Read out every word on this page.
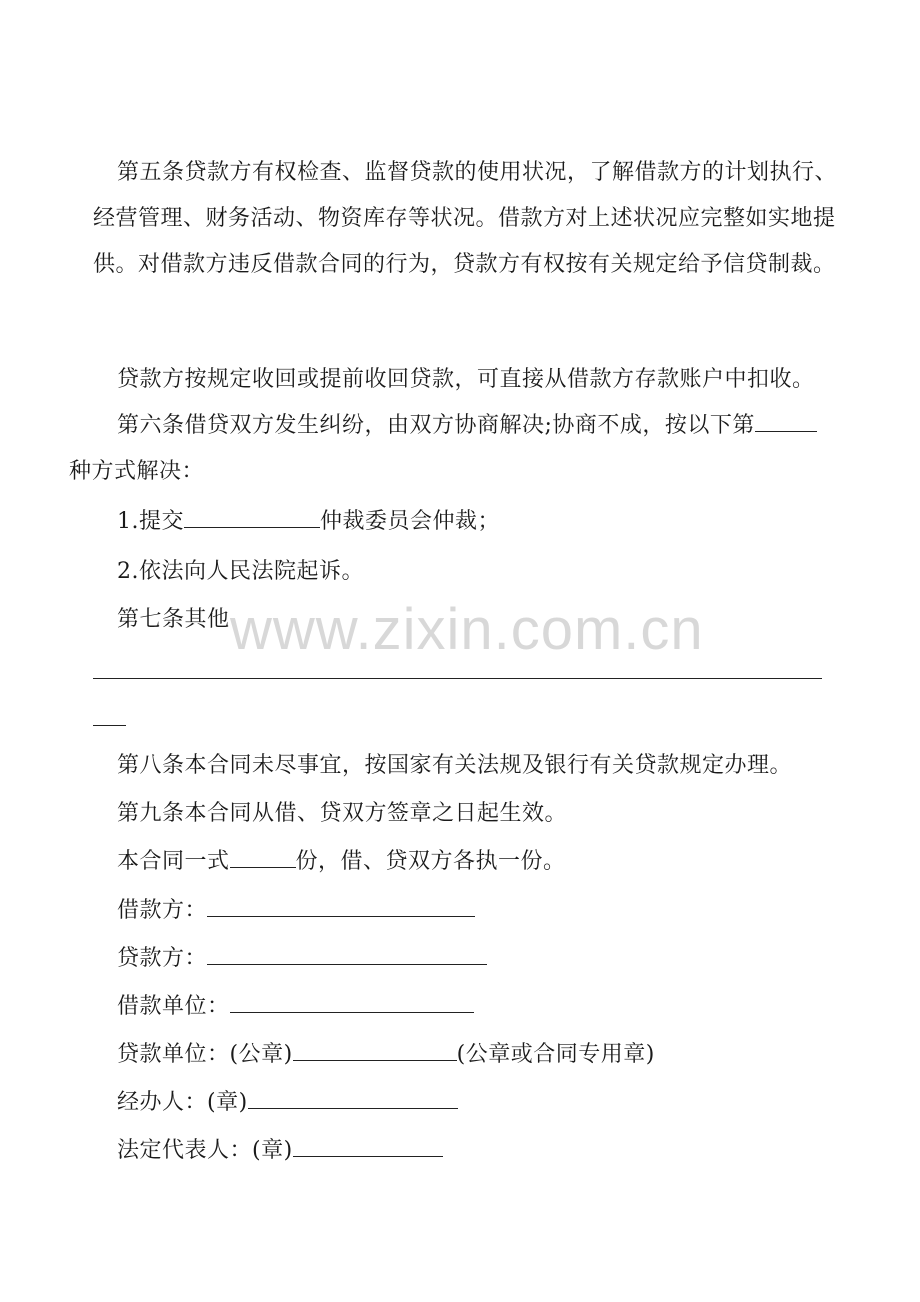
第五条贷款方有权检查、监督贷款的使用状况，了解借款方的计划执行、经营管理、财务活动、物资库存等状况。借款方对上述状况应完整如实地提供。对借款方违反借款合同的行为，贷款方有权按有关规定给予信贷制裁。

贷款方按规定收回或提前收回贷款，可直接从借款方存款账户中扣收。

第六条借贷双方发生纠纷，由双方协商解决;协商不成，按以下第
种方式解决：

1.提交	仲裁委员会仲裁；

2.依法向人民法院起诉。

第七条其他 www.zixin.com.cn

第八条本合同未尽事宜，按国家有关法规及银行有关贷款规定办理。

第九条本合同从借、贷双方签章之日起生效。

本合同一式	份，借、贷双方各执一份。

借款方：

贷款方：

借款单位：

贷款单位：(公章)	(公章或合同专用章)

经办人：(章)

法定代表人：(章)
